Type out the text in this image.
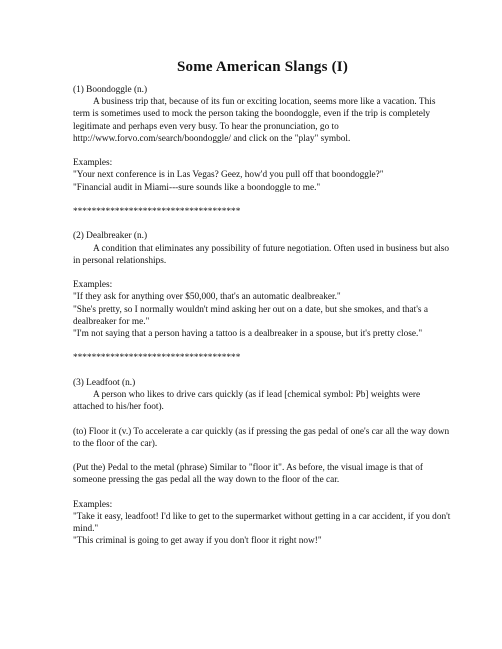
Some American Slangs (I)

(1) Boondoggle (n.)

A business trip that, because of its fun or exciting location, seems more like a vacation. This term is sometimes used to mock the person taking the boondoggle, even if the trip is completely legitimate and perhaps even very busy. To hear the pronunciation, go to http://www.forvo.com/search/boondoggle/ and click on the "play" symbol.

Examples:

"Your next conference is in Las Vegas? Geez, how'd you pull off that boondoggle?"

"Financial audit in Miami---sure sounds like a boondoggle to me."

************************************

(2) Dealbreaker (n.)

A condition that eliminates any possibility of future negotiation. Often used in business but also in personal relationships.

Examples:

"If they ask for anything over $50,000, that's an automatic dealbreaker."

"She's pretty, so I normally wouldn't mind asking her out on a date, but she smokes, and that's a dealbreaker for me."

"I'm not saying that a person having a tattoo is a dealbreaker in a spouse, but it's pretty close."

************************************

(3) Leadfoot (n.)

A person who likes to drive cars quickly (as if lead [chemical symbol: Pb] weights were attached to his/her foot).

(to) Floor it (v.) To accelerate a car quickly (as if pressing the gas pedal of one's car all the way down to the floor of the car).

(Put the) Pedal to the metal (phrase) Similar to "floor it". As before, the visual image is that of someone pressing the gas pedal all the way down to the floor of the car.

Examples:

"Take it easy, leadfoot! I'd like to get to the supermarket without getting in a car accident, if you don't mind."

"This criminal is going to get away if you don't floor it right now!"
